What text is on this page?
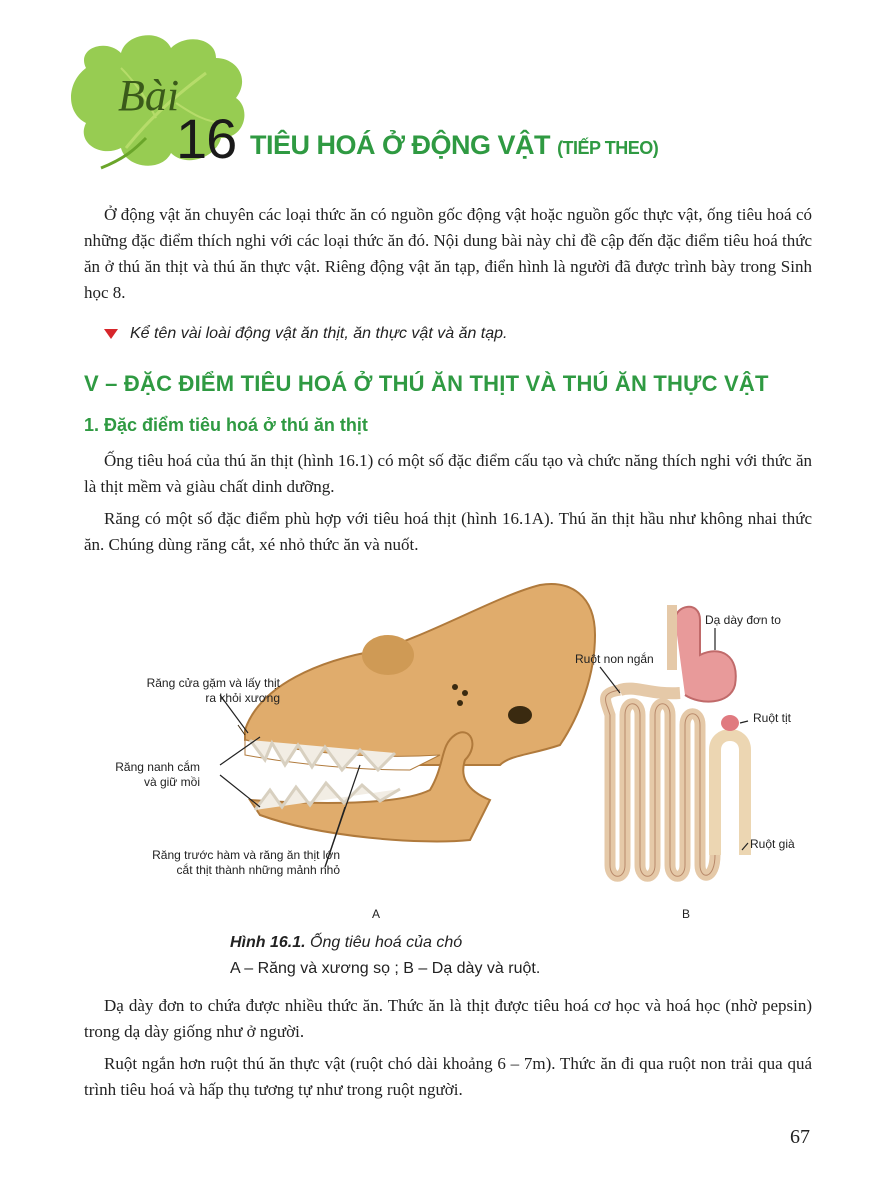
Bài
16 TIÊU HOÁ Ở ĐỘNG VẬT (TIẾP THEO)

Ở động vật ăn chuyên các loại thức ăn có nguồn gốc động vật hoặc nguồn gốc thực vật, ống tiêu hoá có những đặc điểm thích nghi với các loại thức ăn đó. Nội dung bài này chỉ đề cập đến đặc điểm tiêu hoá thức ăn ở thú ăn thịt và thú ăn thực vật. Riêng động vật ăn tạp, điển hình là người đã được trình bày trong Sinh học 8.

Kể tên vài loài động vật ăn thịt, ăn thực vật và ăn tạp.
V – ĐẶC ĐIỂM TIÊU HOÁ Ở THÚ ĂN THỊT VÀ THÚ ĂN THỰC VẬT
1. Đặc điểm tiêu hoá ở thú ăn thịt

Ống tiêu hoá của thú ăn thịt (hình 16.1) có một số đặc điểm cấu tạo và chức năng thích nghi với thức ăn là thịt mềm và giàu chất dinh dưỡng.

Răng có một số đặc điểm phù hợp với tiêu hoá thịt (hình 16.1A). Thú ăn thịt hầu như không nhai thức ăn. Chúng dùng răng cắt, xé nhỏ thức ăn và nuốt.

Răng cửa gặm và lấy thịt
ra khỏi xương
Răng nanh cắm
và giữ mồi
Răng trước hàm và răng ăn thịt lớn
cắt thịt thành những mảnh nhỏ
Dạ dày đơn to
Ruột non ngắn
Ruột tịt
Ruột già
A	B
Hình 16.1. Ống tiêu hoá của chó
A – Răng và xương sọ ; B – Dạ dày và ruột.

Dạ dày đơn to chứa được nhiều thức ăn. Thức ăn là thịt được tiêu hoá cơ học và hoá học (nhờ pepsin) trong dạ dày giống như ở người.

Ruột ngắn hơn ruột thú ăn thực vật (ruột chó dài khoảng 6 – 7m). Thức ăn đi qua ruột non trải qua quá trình tiêu hoá và hấp thụ tương tự như trong ruột người.

67
